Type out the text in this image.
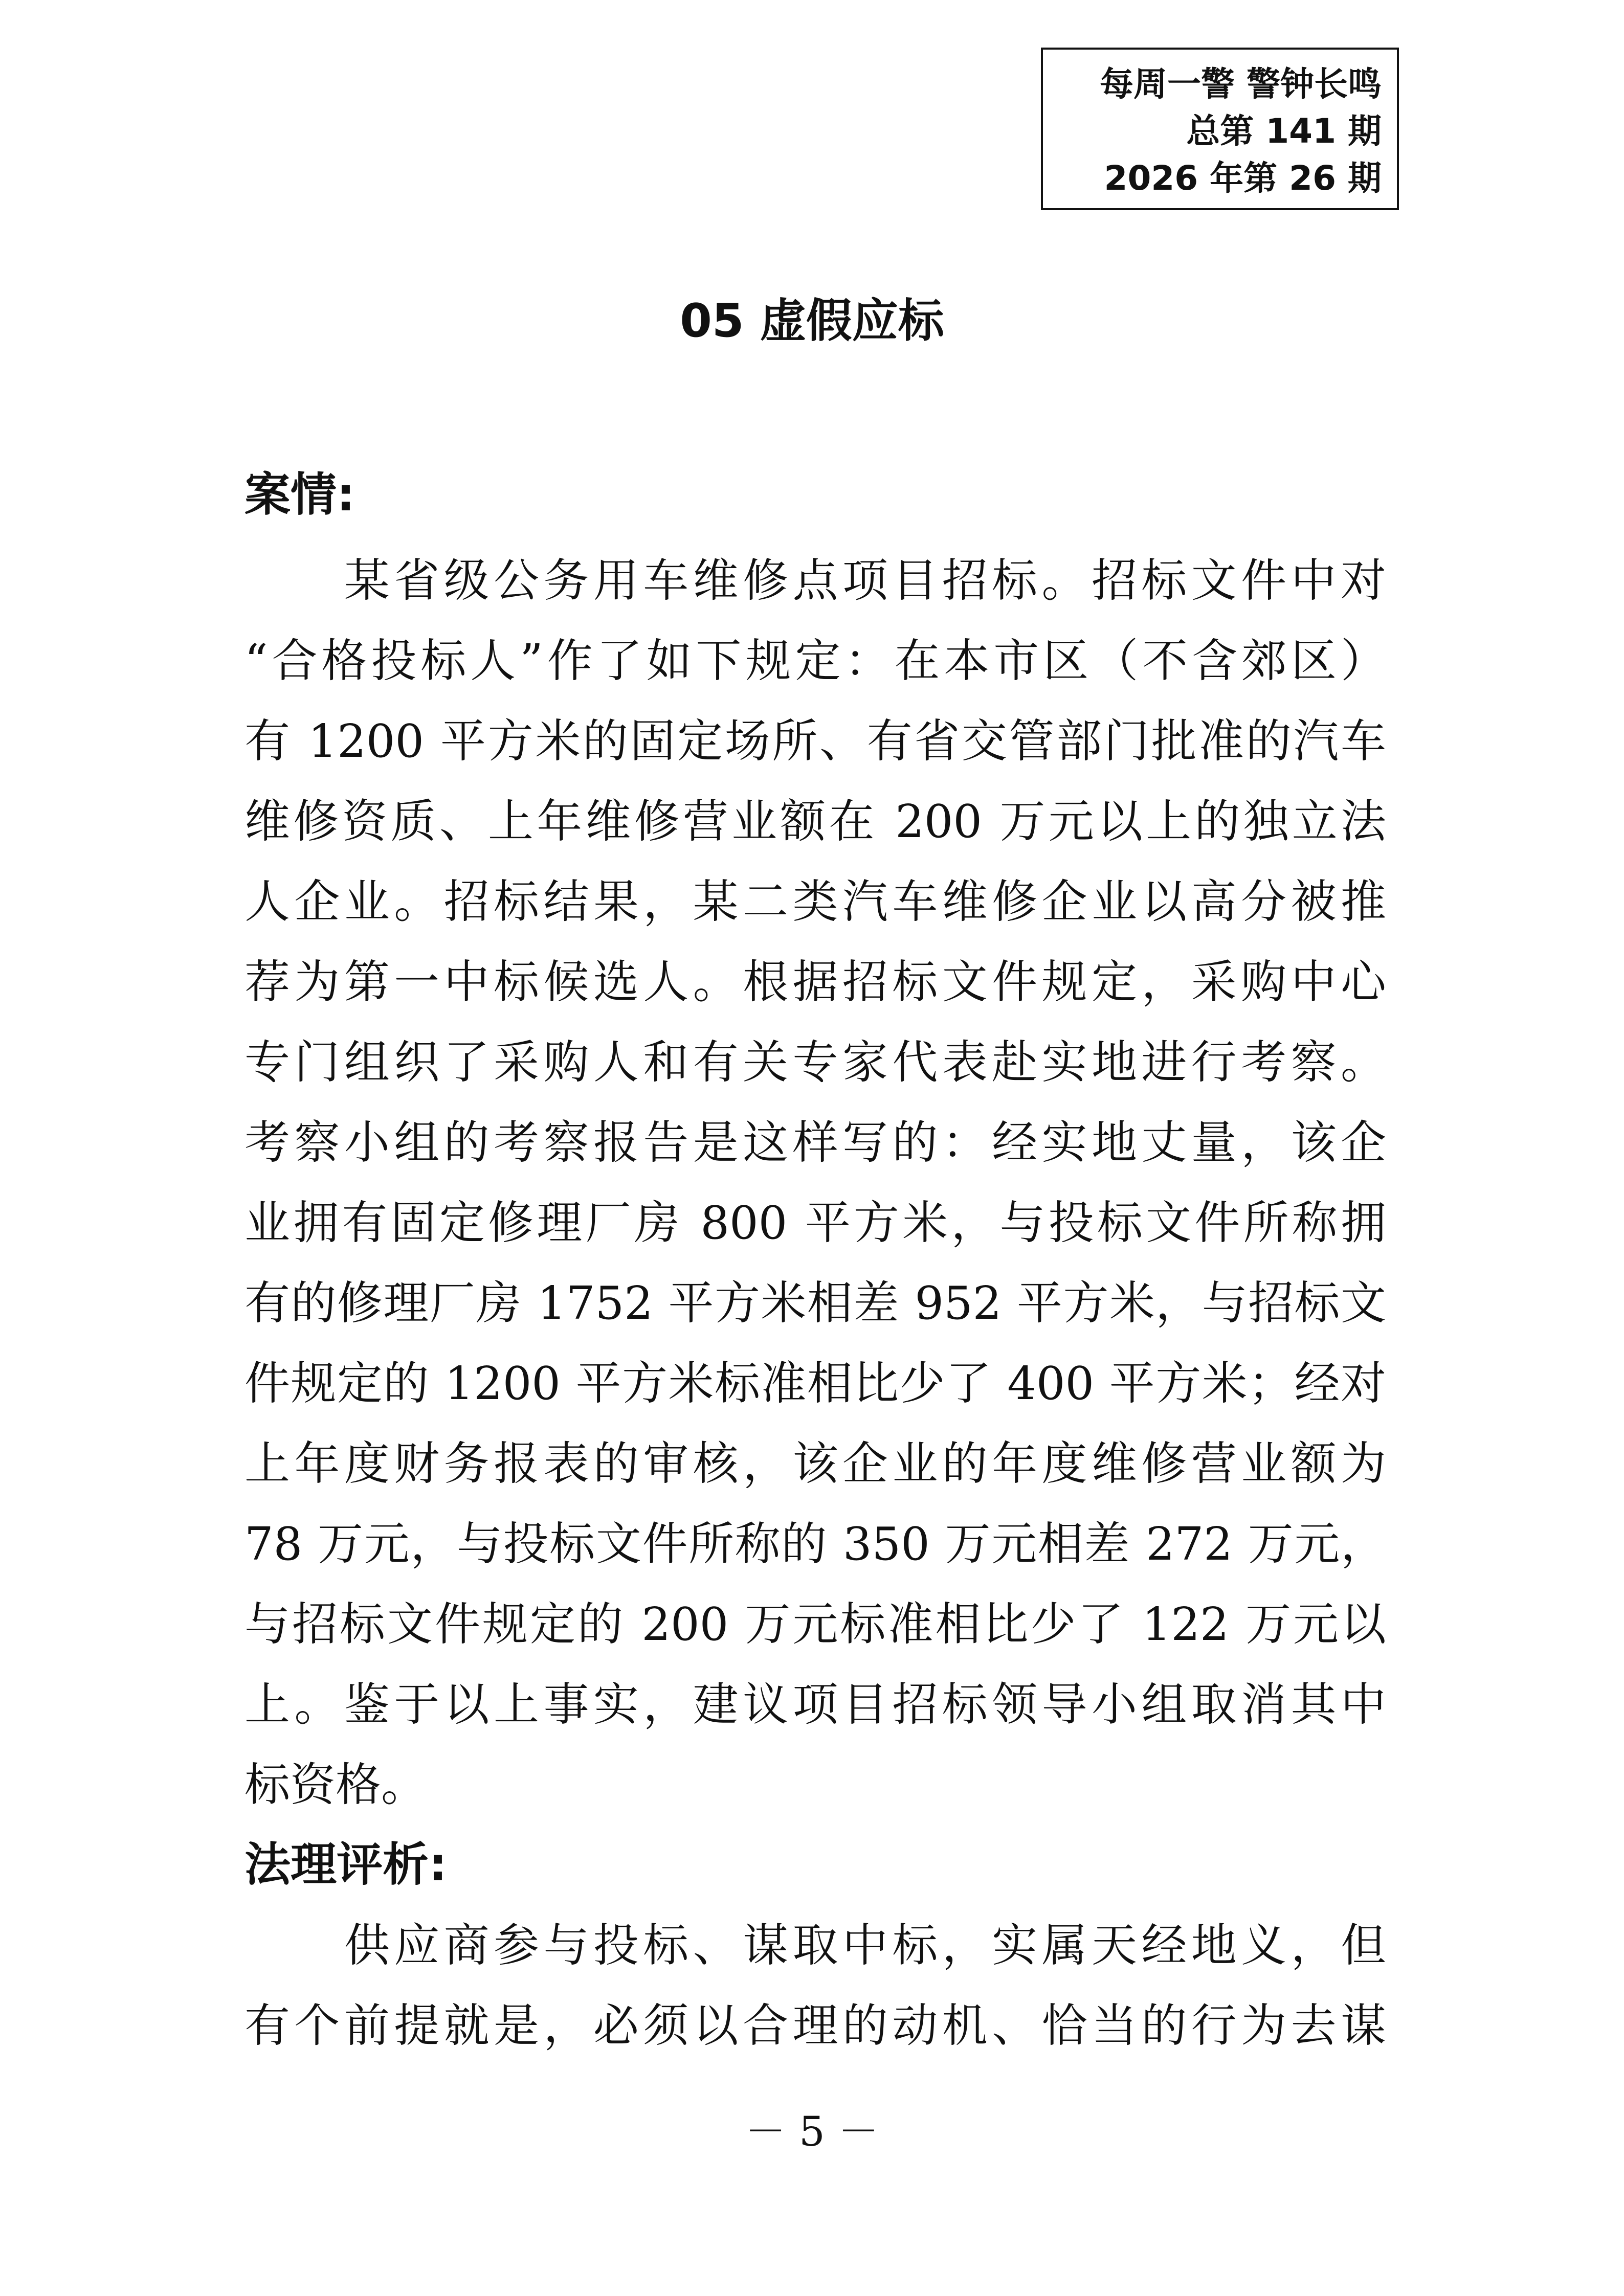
每周一警 警钟长鸣
总第 141 期
2026 年第 26 期
05 虚假应标
案情:
　　某省级公务用车维修点项目招标。招标文件中对
“合格投标人”作了如下规定：在本市区（不含郊区）
有 1200 平方米的固定场所、有省交管部门批准的汽车
维修资质、上年维修营业额在 200 万元以上的独立法
人企业。招标结果，某二类汽车维修企业以高分被推
荐为第一中标候选人。根据招标文件规定，采购中心
专门组织了采购人和有关专家代表赴实地进行考察。
考察小组的考察报告是这样写的：经实地丈量，该企
业拥有固定修理厂房 800 平方米，与投标文件所称拥
有的修理厂房 1752 平方米相差 952 平方米，与招标文
件规定的 1200 平方米标准相比少了 400 平方米；经对
上年度财务报表的审核，该企业的年度维修营业额为
78 万元，与投标文件所称的 350 万元相差 272 万元，
与招标文件规定的 200 万元标准相比少了 122 万元以
上。鉴于以上事实，建议项目招标领导小组取消其中
标资格。
法理评析:
　　供应商参与投标、谋取中标，实属天经地义，但
有个前提就是，必须以合理的动机、恰当的行为去谋
－ 5 －
